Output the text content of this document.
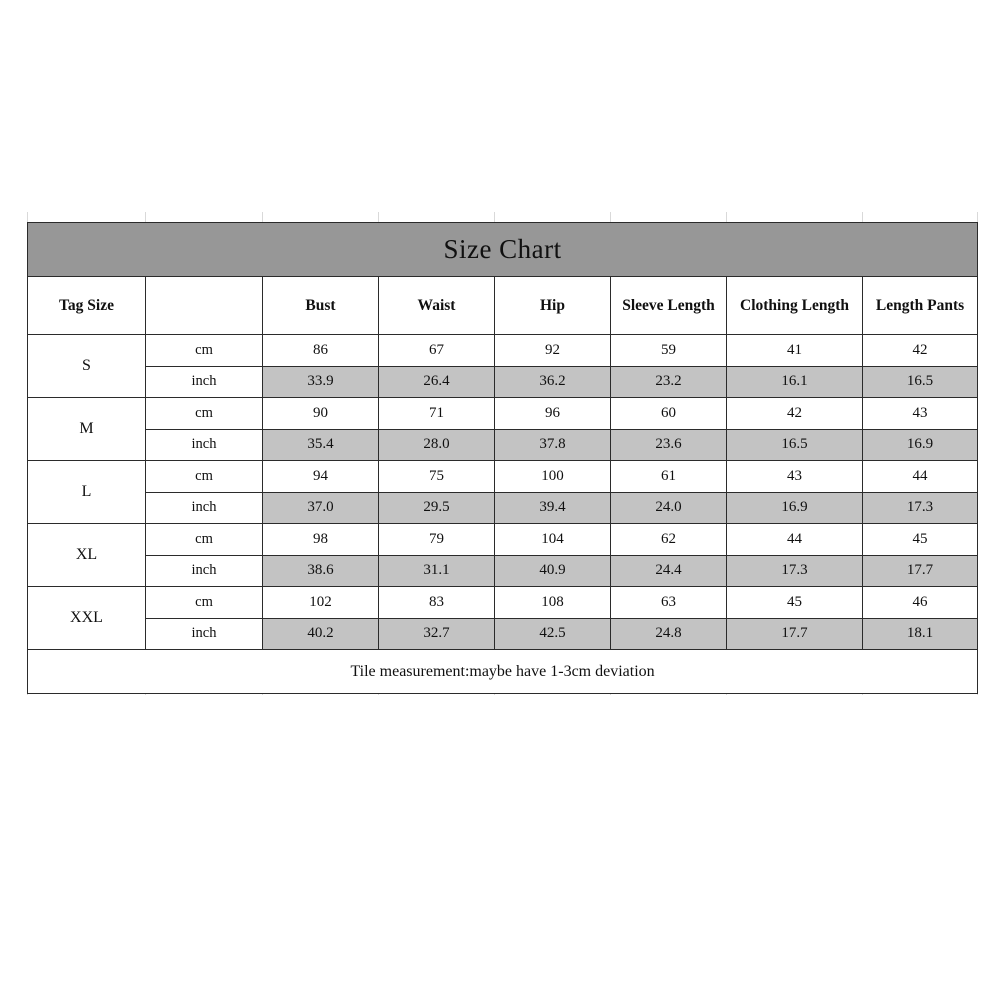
Size Chart							
Tag Size		Bust	Waist	Hip	Sleeve Length	Clothing Length	Length Pants
S	cm	86	67	92	59	41	42
	inch	33.9	26.4	36.2	23.2	16.1	16.5
M	cm	90	71	96	60	42	43
	inch	35.4	28.0	37.8	23.6	16.5	16.9
L	cm	94	75	100	61	43	44
	inch	37.0	29.5	39.4	24.0	16.9	17.3
XL	cm	98	79	104	62	44	45
	inch	38.6	31.1	40.9	24.4	17.3	17.7
XXL	cm	102	83	108	63	45	46
	inch	40.2	32.7	42.5	24.8	17.7	18.1
Tile measurement:maybe have 1-3cm deviation							
